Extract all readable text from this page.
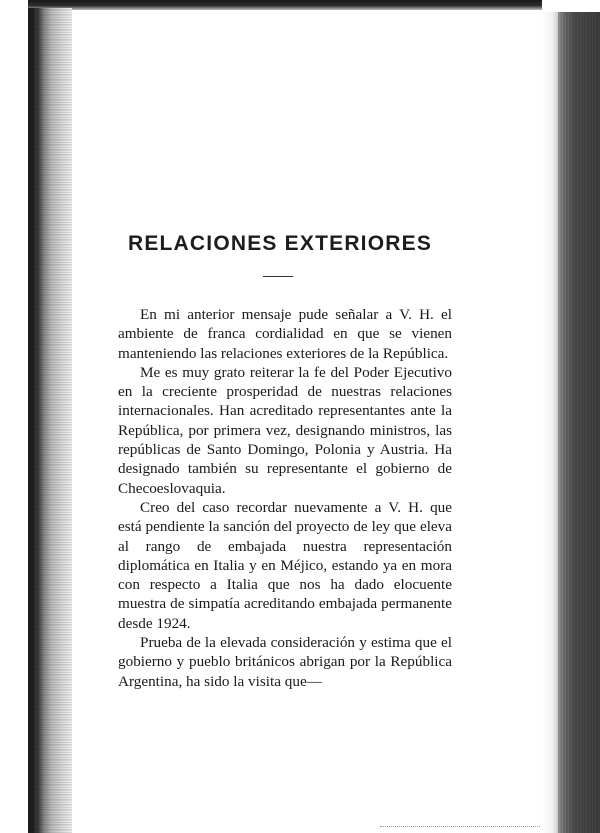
RELACIONES EXTERIORES

En mi anterior mensaje pude señalar a V. H. el ambiente de franca cordialidad en que se vienen manteniendo las relaciones exteriores de la República.

Me es muy grato reiterar la fe del Poder Ejecutivo en la creciente prosperidad de nuestras relaciones internacionales. Han acreditado representantes ante la República, por primera vez, designando ministros, las repúblicas de Santo Domingo, Polonia y Austria. Ha designado también su representante el gobierno de Checoeslovaquia.

Creo del caso recordar nuevamente a V. H. que está pendiente la sanción del proyecto de ley que eleva al rango de embajada nuestra representación diplomática en Italia y en Méjico, estando ya en mora con respecto a Italia que nos ha dado elocuente muestra de simpatía acreditando embajada permanente desde 1924.

Prueba de la elevada consideración y estima que el gobierno y pueblo británicos abrigan por la República Argentina, ha sido la visita que—
